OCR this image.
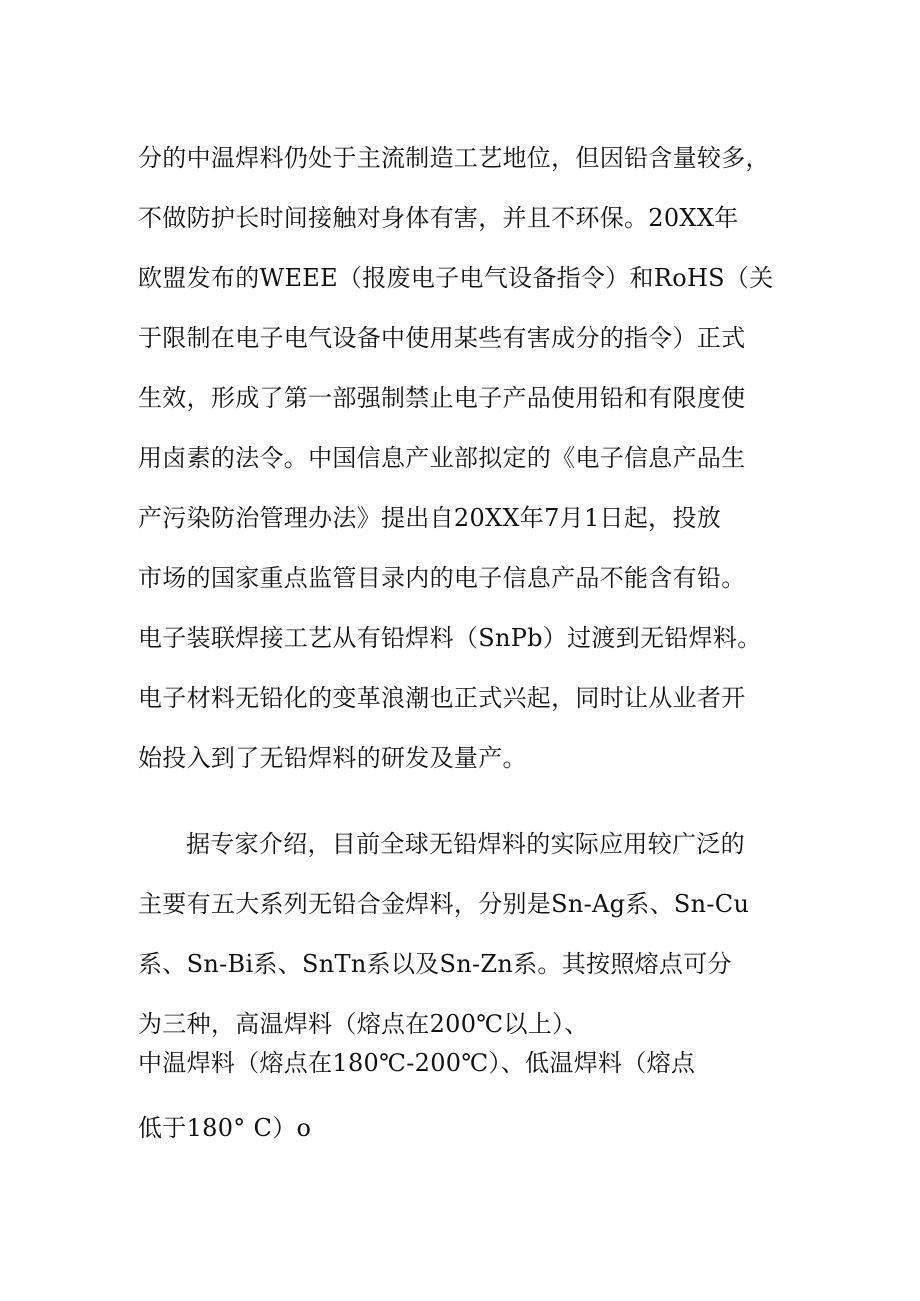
分的中温焊料仍处于主流制造工艺地位，但因铅含量较多，
不做防护长时间接触对身体有害，并且不环保。20XX年
欧盟发布的WEEE（报废电子电气设备指令）和RoHS（关
于限制在电子电气设备中使用某些有害成分的指令）正式
生效，形成了第一部强制禁止电子产品使用铅和有限度使
用卤素的法令。中国信息产业部拟定的《电子信息产品生
产污染防治管理办法》提出自20XX年7月1日起，投放
市场的国家重点监管目录内的电子信息产品不能含有铅。
电子装联焊接工艺从有铅焊料（SnPb）过渡到无铅焊料。
电子材料无铅化的变革浪潮也正式兴起，同时让从业者开
始投入到了无铅焊料的研发及量产。
据专家介绍，目前全球无铅焊料的实际应用较广泛的
主要有五大系列无铅合金焊料，分别是Sn-Ag系、Sn-Cu
系、Sn-Bi系、SnTn系以及Sn-Zn系。其按照熔点可分
为三种，高温焊料（熔点在200℃以上）、
中温焊料（熔点在180℃-200℃）、低温焊料（熔点
低于180° C）o
